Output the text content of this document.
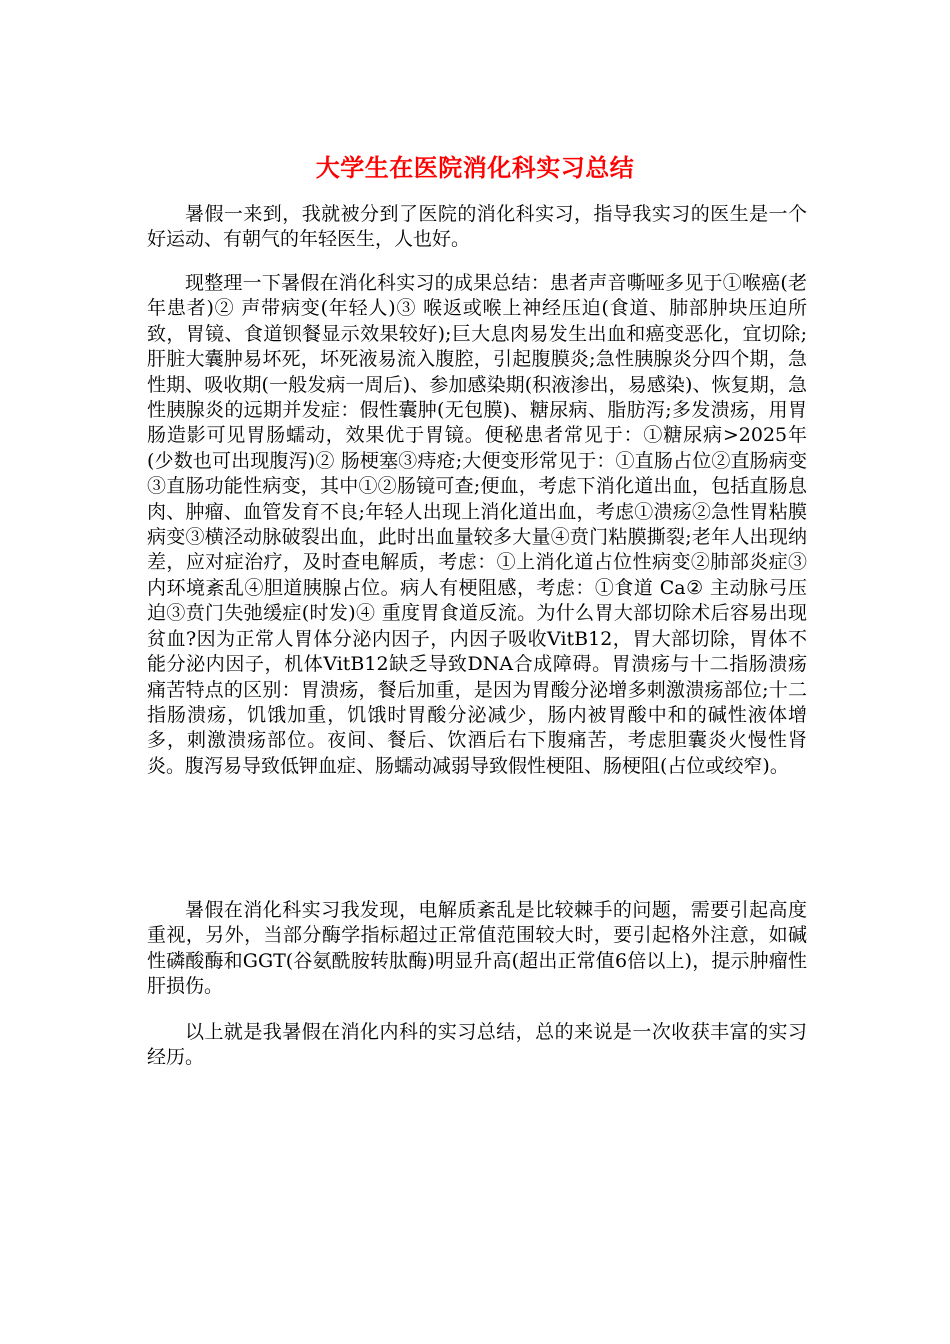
大学生在医院消化科实习总结

暑假一来到，我就被分到了医院的消化科实习，指导我实习的医生是一个好运动、有朝气的年轻医生，人也好。

现整理一下暑假在消化科实习的成果总结：患者声音嘶哑多见于①喉癌(老年患者)② 声带病变(年轻人)③ 喉返或喉上神经压迫(食道、肺部肿块压迫所致，胃镜、食道钡餐显示效果较好);巨大息肉易发生出血和癌变恶化，宜切除;肝脏大囊肿易坏死，坏死液易流入腹腔，引起腹膜炎;急性胰腺炎分四个期，急性期、吸收期(一般发病一周后)、参加感染期(积液渗出，易感染)、恢复期，急性胰腺炎的远期并发症：假性囊肿(无包膜)、糖尿病、脂肪泻;多发溃疡，用胃肠造影可见胃肠蠕动，效果优于胃镜。便秘患者常见于：①糖尿病>2025年(少数也可出现腹泻)② 肠梗塞③痔疮;大便变形常见于：①直肠占位②直肠病变③直肠功能性病变，其中①②肠镜可查;便血，考虑下消化道出血，包括直肠息肉、肿瘤、血管发育不良;年轻人出现上消化道出血，考虑①溃疡②急性胃粘膜病变③横泾动脉破裂出血，此时出血量较多大量④贲门粘膜撕裂;老年人出现纳差，应对症治疗，及时查电解质，考虑：①上消化道占位性病变②肺部炎症③内环境紊乱④胆道胰腺占位。病人有梗阻感，考虑：①食道 Ca② 主动脉弓压迫③贲门失弛缓症(时发)④ 重度胃食道反流。为什么胃大部切除术后容易出现贫血?因为正常人胃体分泌内因子，内因子吸收VitB12，胃大部切除，胃体不能分泌内因子，机体VitB12缺乏导致DNA合成障碍。胃溃疡与十二指肠溃疡痛苦特点的区别：胃溃疡，餐后加重，是因为胃酸分泌增多刺激溃疡部位;十二指肠溃疡，饥饿加重，饥饿时胃酸分泌减少，肠内被胃酸中和的碱性液体增多，刺激溃疡部位。夜间、餐后、饮酒后右下腹痛苦，考虑胆囊炎火慢性肾炎。腹泻易导致低钾血症、肠蠕动减弱导致假性梗阻、肠梗阻(占位或绞窄)。

暑假在消化科实习我发现，电解质紊乱是比较棘手的问题，需要引起高度重视，另外，当部分酶学指标超过正常值范围较大时，要引起格外注意，如碱性磷酸酶和GGT(谷氨酰胺转肽酶)明显升高(超出正常值6倍以上)，提示肿瘤性肝损伤。

以上就是我暑假在消化内科的实习总结，总的来说是一次收获丰富的实习经历。
